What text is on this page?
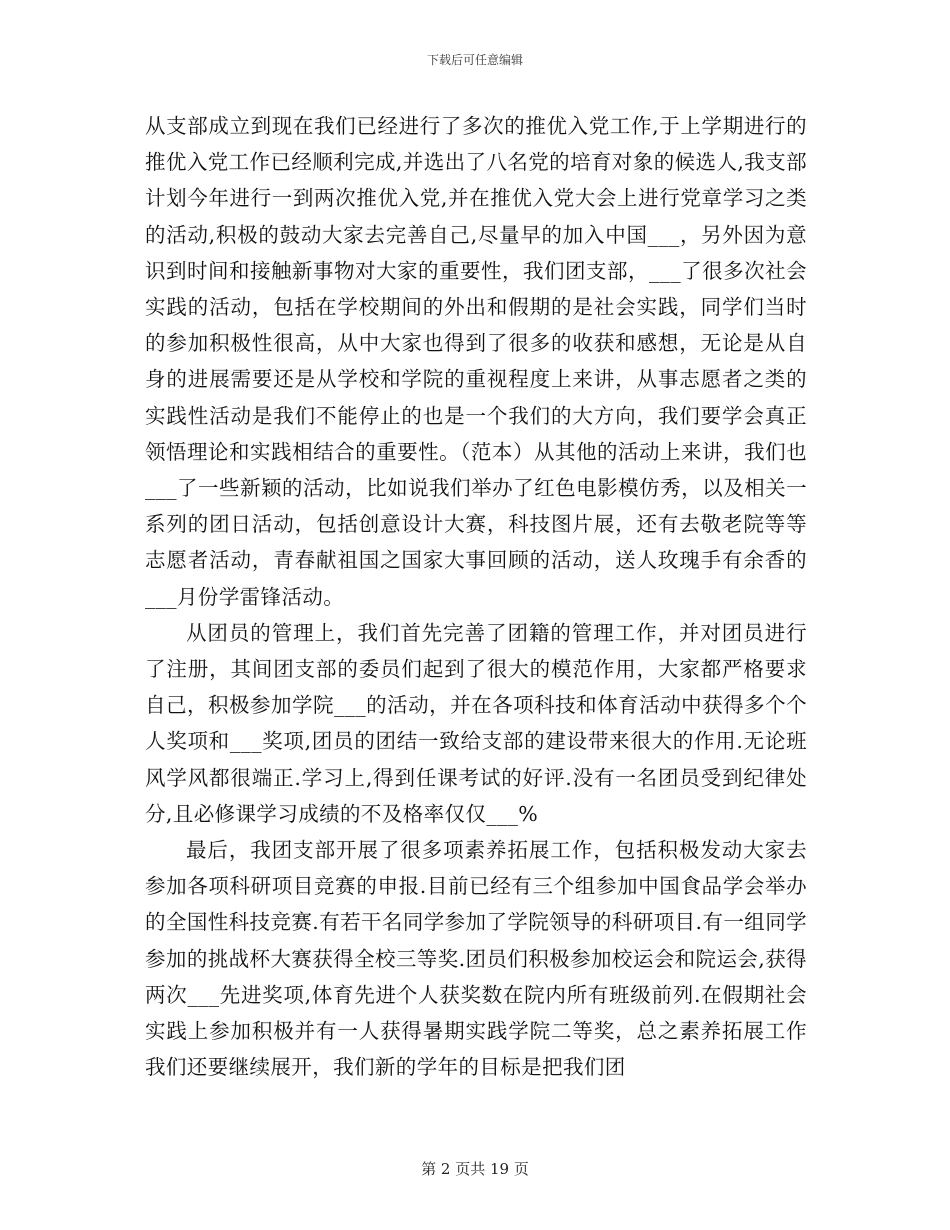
下载后可任意编辑

从支部成立到现在我们已经进行了多次的推优入党工作,于上学期进行的推优入党工作已经顺利完成,并选出了八名党的培育对象的候选人,我支部计划今年进行一到两次推优入党,并在推优入党大会上进行党章学习之类的活动,积极的鼓动大家去完善自己,尽量早的加入中国___，另外因为意识到时间和接触新事物对大家的重要性，我们团支部，___了很多次社会实践的活动，包括在学校期间的外出和假期的是社会实践，同学们当时的参加积极性很高，从中大家也得到了很多的收获和感想，无论是从自身的进展需要还是从学校和学院的重视程度上来讲，从事志愿者之类的实践性活动是我们不能停止的也是一个我们的大方向，我们要学会真正领悟理论和实践相结合的重要性。（范本）从其他的活动上来讲，我们也___了一些新颖的活动，比如说我们举办了红色电影模仿秀，以及相关一系列的团日活动，包括创意设计大赛，科技图片展，还有去敬老院等等志愿者活动，青春献祖国之国家大事回顾的活动，送人玫瑰手有余香的___月份学雷锋活动。

从团员的管理上，我们首先完善了团籍的管理工作，并对团员进行了注册，其间团支部的委员们起到了很大的模范作用，大家都严格要求自己，积极参加学院___的活动，并在各项科技和体育活动中获得多个个人奖项和___奖项,团员的团结一致给支部的建设带来很大的作用.无论班风学风都很端正.学习上,得到任课考试的好评.没有一名团员受到纪律处分,且必修课学习成绩的不及格率仅仅___%

最后，我团支部开展了很多项素养拓展工作，包括积极发动大家去参加各项科研项目竞赛的申报.目前已经有三个组参加中国食品学会举办的全国性科技竞赛.有若干名同学参加了学院领导的科研项目.有一组同学参加的挑战杯大赛获得全校三等奖.团员们积极参加校运会和院运会,获得两次___先进奖项,体育先进个人获奖数在院内所有班级前列.在假期社会实践上参加积极并有一人获得暑期实践学院二等奖，总之素养拓展工作我们还要继续展开，我们新的学年的目标是把我们团

第 2 页共 19 页
